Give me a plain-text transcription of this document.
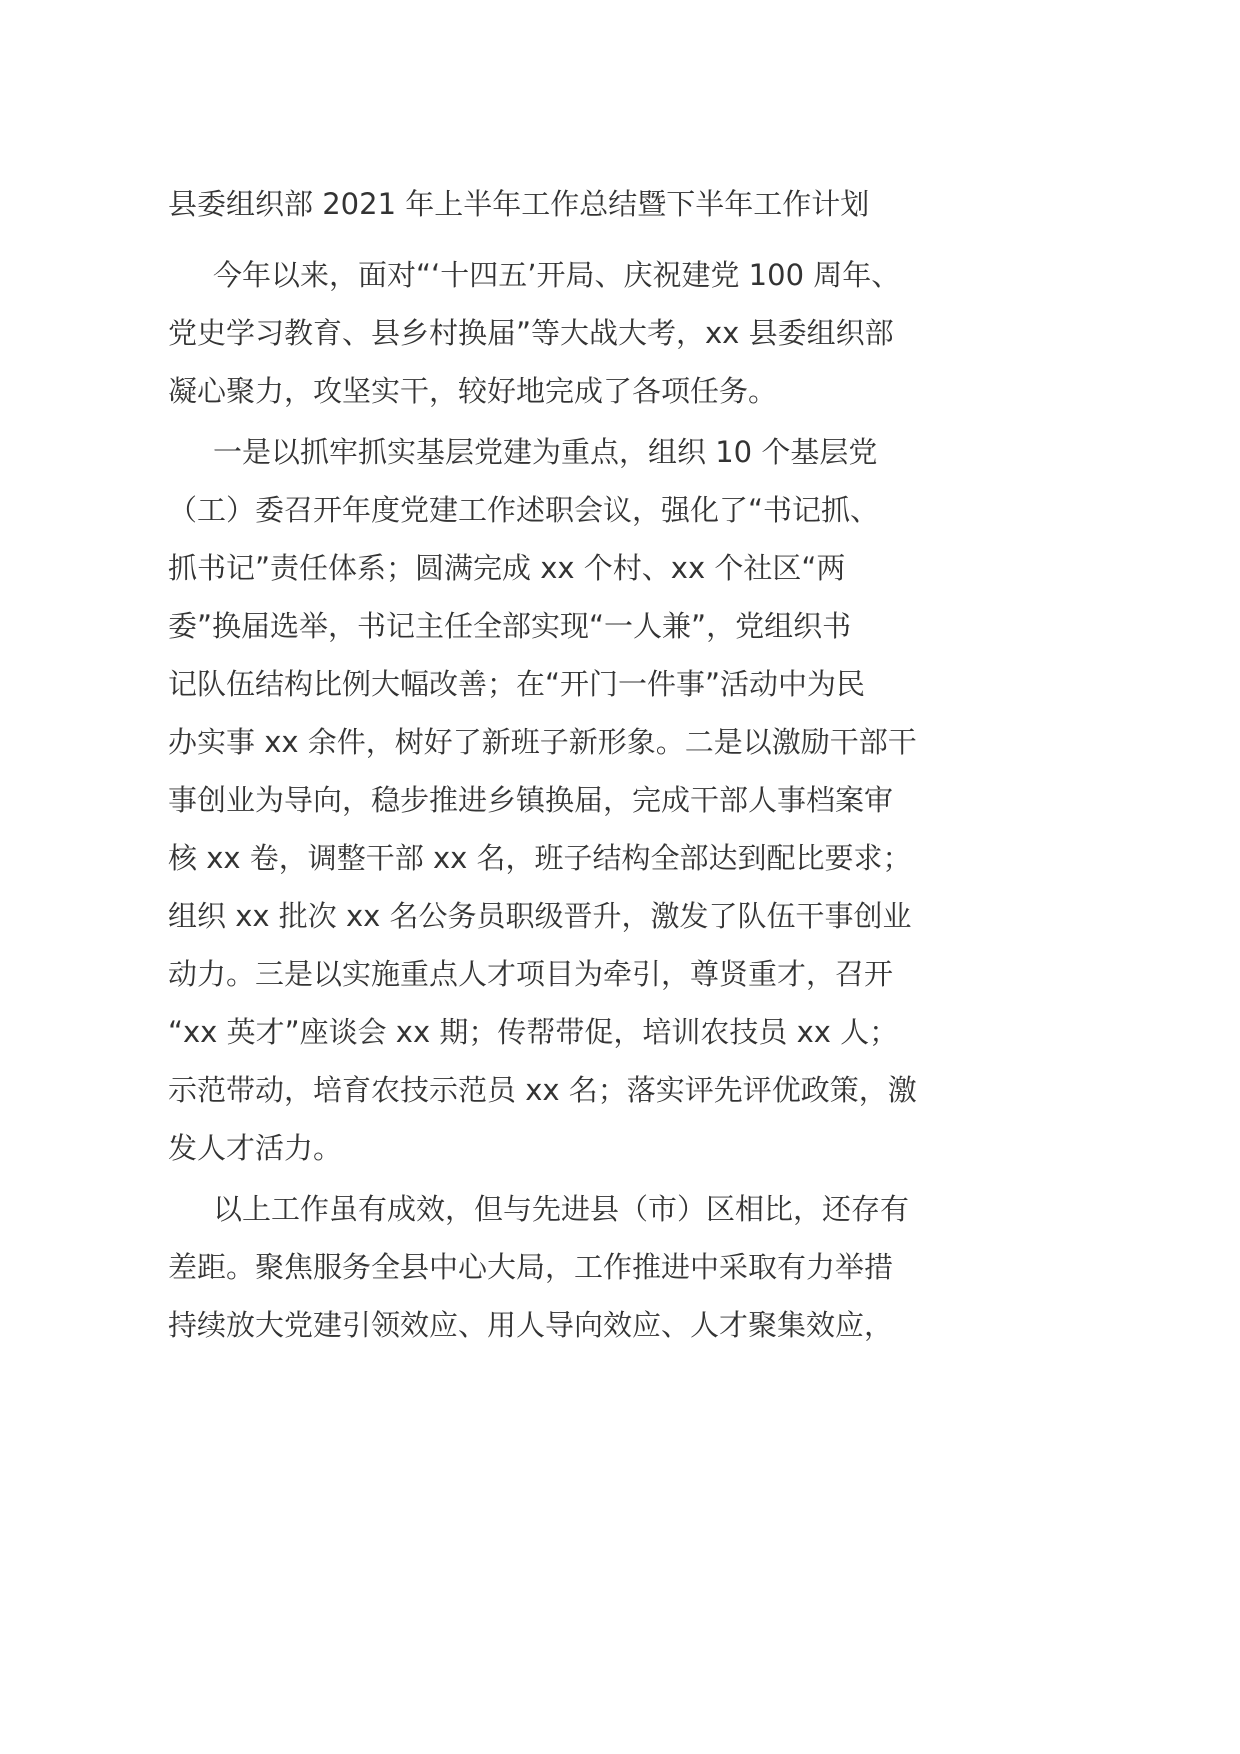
县委组织部 2021 年上半年工作总结暨下半年工作计划
今年以来，面对“‘十四五’开局、庆祝建党 100 周年、
党史学习教育、县乡村换届”等大战大考，xx 县委组织部
凝心聚力，攻坚实干，较好地完成了各项任务。
一是以抓牢抓实基层党建为重点，组织 10 个基层党
（工）委召开年度党建工作述职会议，强化了“书记抓、
抓书记”责任体系；圆满完成 xx 个村、xx 个社区“两
委”换届选举，书记主任全部实现“一人兼”，党组织书
记队伍结构比例大幅改善；在“开门一件事”活动中为民
办实事 xx 余件，树好了新班子新形象。二是以激励干部干
事创业为导向，稳步推进乡镇换届，完成干部人事档案审
核 xx 卷，调整干部 xx 名，班子结构全部达到配比要求；
组织 xx 批次 xx 名公务员职级晋升，激发了队伍干事创业
动力。三是以实施重点人才项目为牵引，尊贤重才，召开
“xx 英才”座谈会 xx 期；传帮带促，培训农技员 xx 人；
示范带动，培育农技示范员 xx 名；落实评先评优政策，激
发人才活力。
以上工作虽有成效，但与先进县（市）区相比，还存有
差距。聚焦服务全县中心大局，工作推进中采取有力举措
持续放大党建引领效应、用人导向效应、人才聚集效应，
